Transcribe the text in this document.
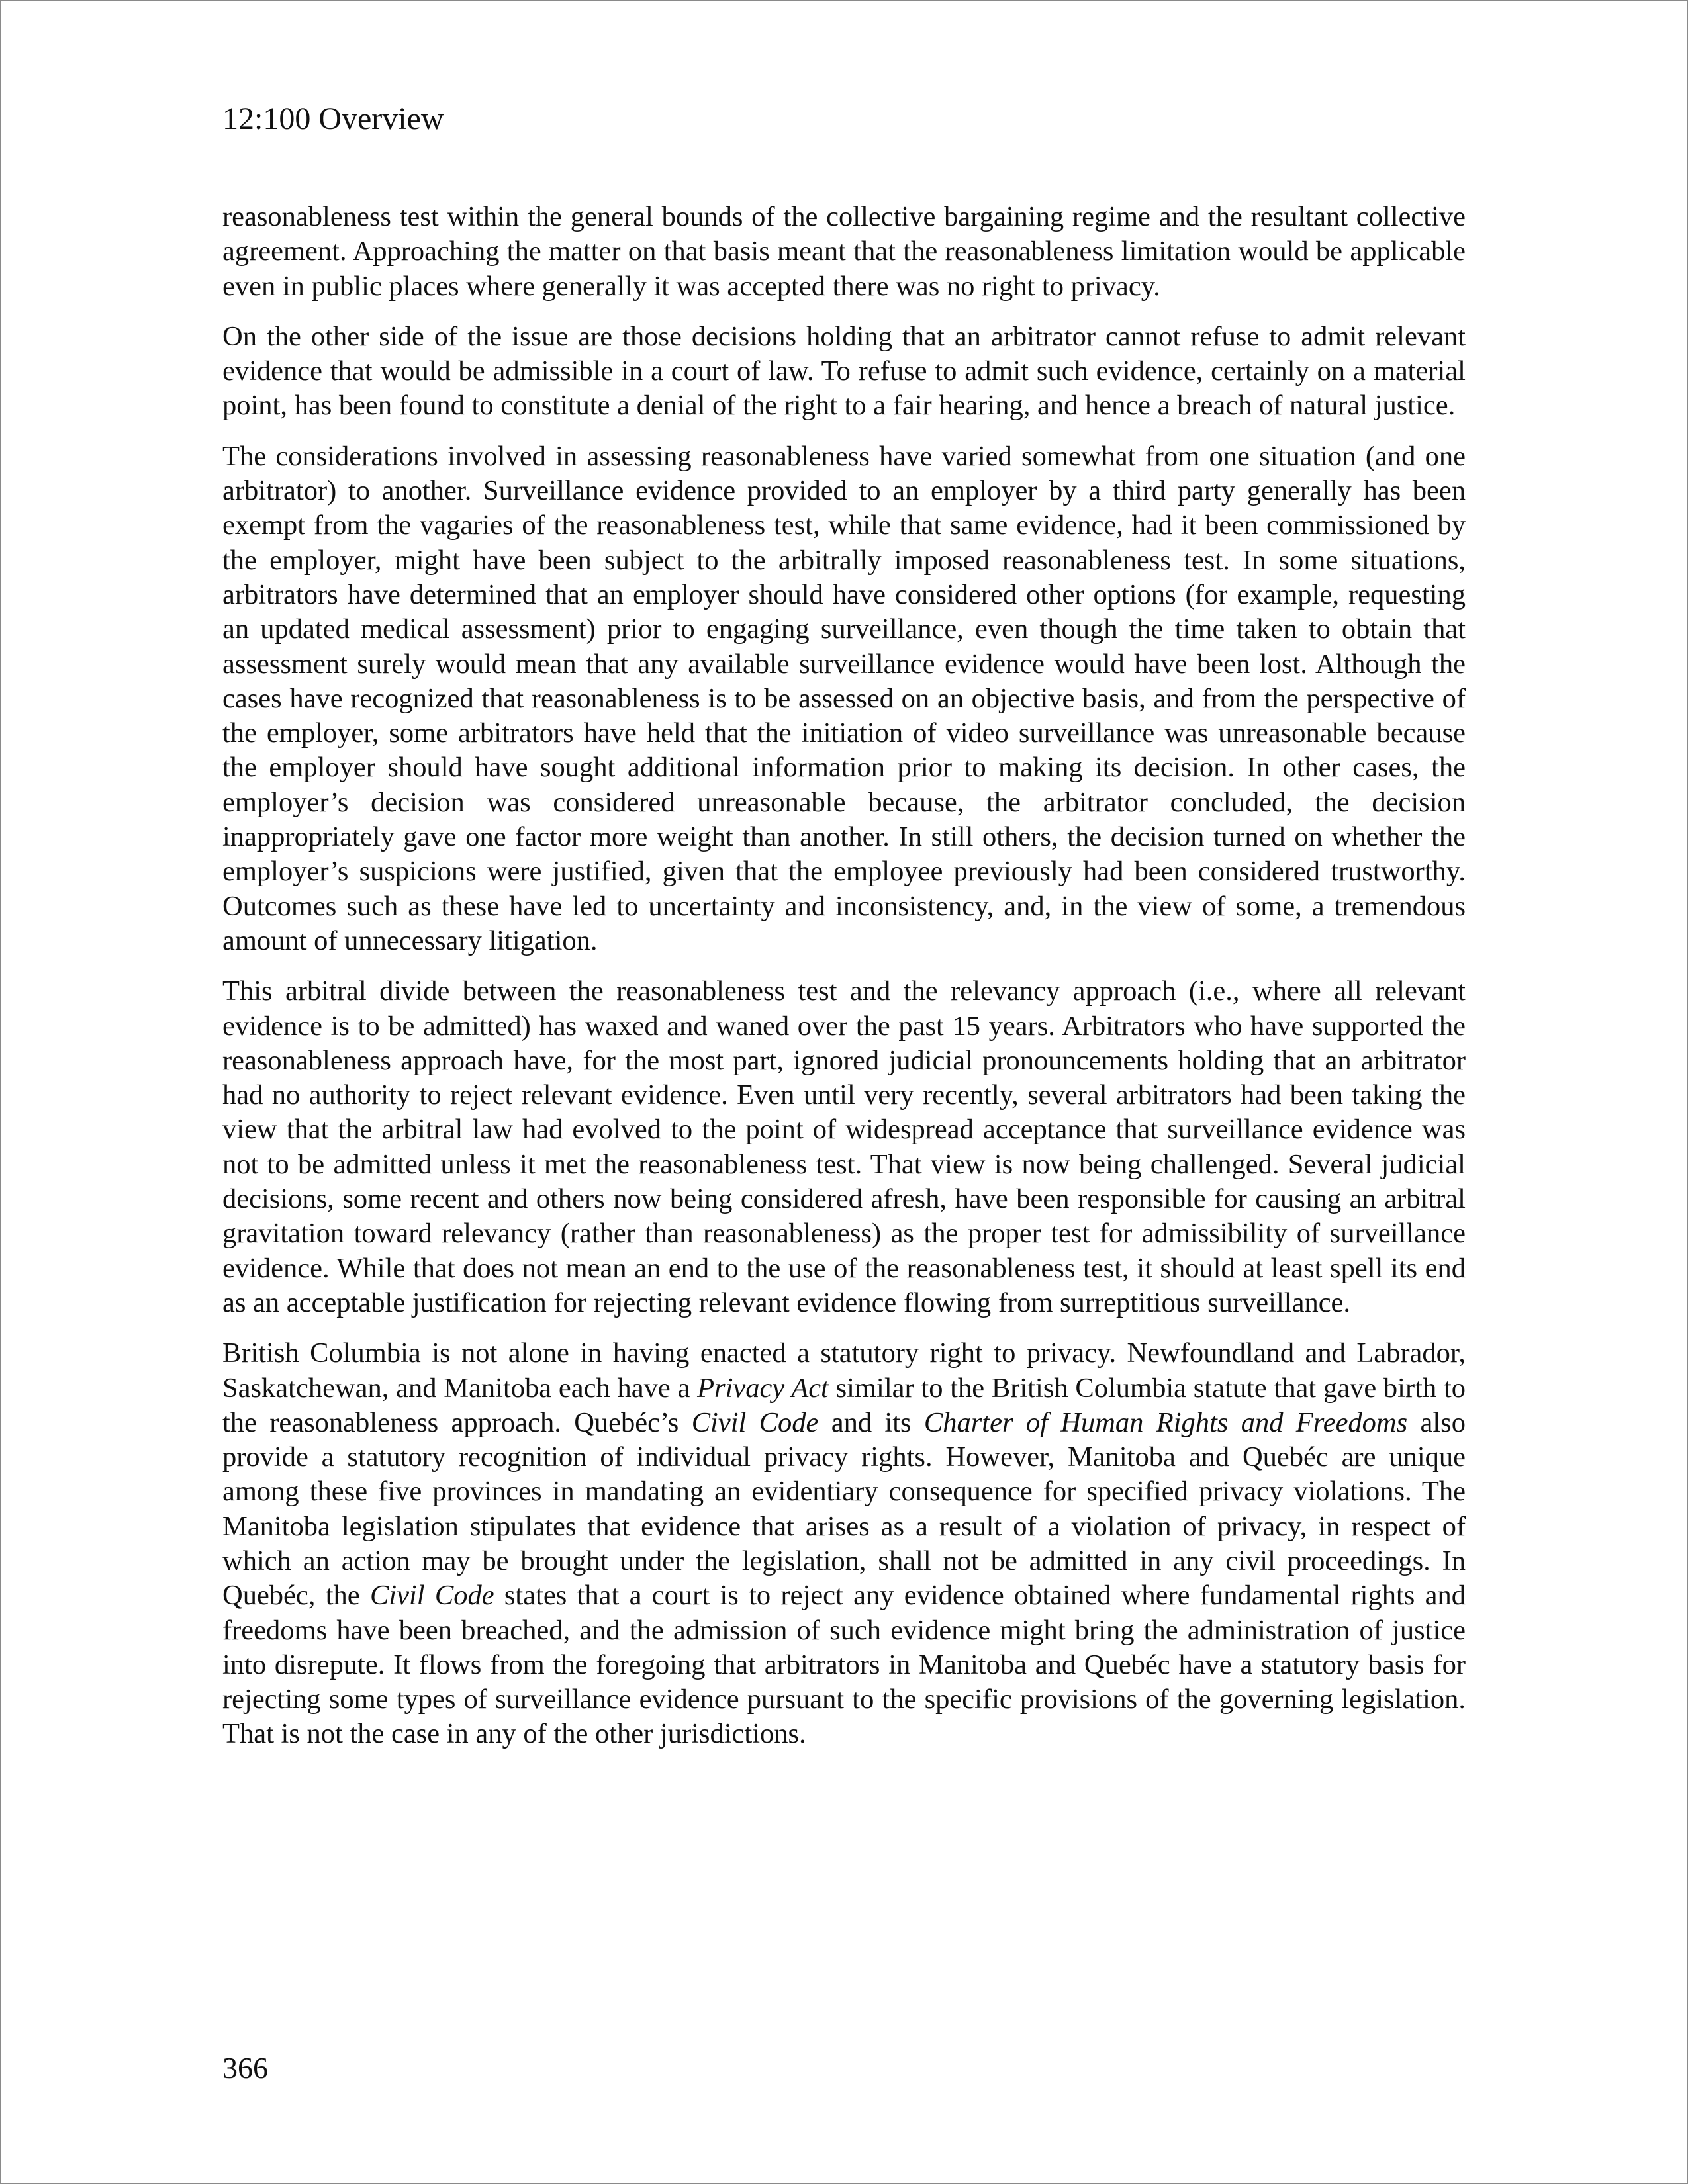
12:100 Overview

reasonableness test within the general bounds of the collective bargaining regime and the resultant collective agreement. Approaching the matter on that basis meant that the reasonableness limitation would be applicable even in public places where generally it was accepted there was no right to privacy.

On the other side of the issue are those decisions holding that an arbitrator cannot refuse to admit relevant evidence that would be admissible in a court of law. To refuse to admit such evidence, certainly on a material point, has been found to constitute a denial of the right to a fair hearing, and hence a breach of natural justice.

The considerations involved in assessing reasonableness have varied somewhat from one situation (and one arbitrator) to another. Surveillance evidence provided to an employer by a third party generally has been exempt from the vagaries of the reasonableness test, while that same evidence, had it been commissioned by the employer, might have been subject to the arbitrally imposed reasonableness test. In some situations, arbitrators have determined that an employer should have considered other options (for example, requesting an updated medical assessment) prior to engaging surveillance, even though the time taken to obtain that assessment surely would mean that any available surveillance evidence would have been lost. Although the cases have recognized that reasonableness is to be assessed on an objective basis, and from the perspective of the employer, some arbitrators have held that the initiation of video surveillance was unreasonable because the employer should have sought additional information prior to making its decision. In other cases, the employer’s decision was considered unreasonable because, the arbitrator concluded, the decision inappropriately gave one factor more weight than another. In still others, the decision turned on whether the employer’s suspicions were justified, given that the employee previously had been considered trustworthy. Outcomes such as these have led to uncertainty and inconsistency, and, in the view of some, a tremendous amount of unnecessary litigation.

This arbitral divide between the reasonableness test and the relevancy approach (i.e., where all relevant evidence is to be admitted) has waxed and waned over the past 15 years. Arbitrators who have supported the reasonableness approach have, for the most part, ignored judicial pronouncements holding that an arbitrator had no authority to reject relevant evidence. Even until very recently, several arbitrators had been taking the view that the arbitral law had evolved to the point of widespread acceptance that surveillance evidence was not to be admitted unless it met the reasonableness test. That view is now being challenged. Several judicial decisions, some recent and others now being considered afresh, have been responsible for causing an arbitral gravitation toward relevancy (rather than reasonableness) as the proper test for admissibility of surveillance evidence. While that does not mean an end to the use of the reasonableness test, it should at least spell its end as an acceptable justification for rejecting relevant evidence flowing from surreptitious surveillance.

British Columbia is not alone in having enacted a statutory right to privacy. Newfoundland and Labrador, Saskatchewan, and Manitoba each have a Privacy Act similar to the British Columbia statute that gave birth to the reasonableness approach. Quebéc’s Civil Code and its Charter of Human Rights and Freedoms also provide a statutory recognition of individual privacy rights. However, Manitoba and Quebéc are unique among these five provinces in mandating an evidentiary consequence for specified privacy violations. The Manitoba legislation stipulates that evidence that arises as a result of a violation of privacy, in respect of which an action may be brought under the legislation, shall not be admitted in any civil proceedings. In Quebéc, the Civil Code states that a court is to reject any evidence obtained where fundamental rights and freedoms have been breached, and the admission of such evidence might bring the administration of justice into disrepute. It flows from the foregoing that arbitrators in Manitoba and Quebéc have a statutory basis for rejecting some types of surveillance evidence pursuant to the specific provisions of the governing legislation. That is not the case in any of the other jurisdictions.

366
